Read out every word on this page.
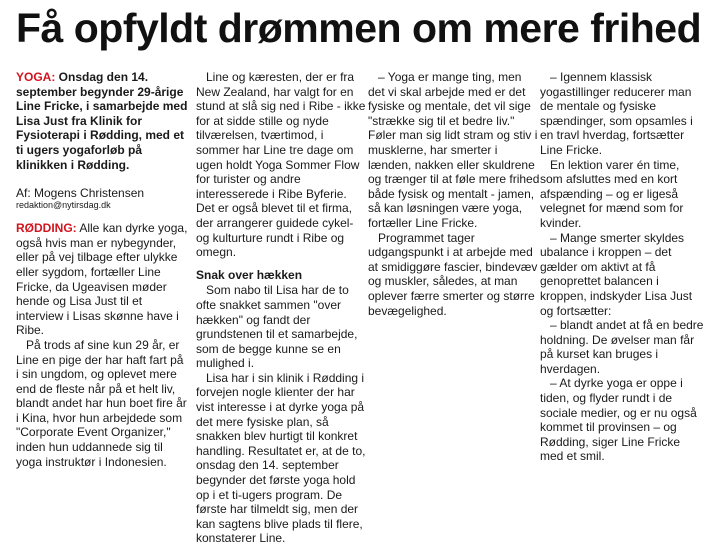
Få opfyldt drømmen om mere frihed

YOGA: Onsdag den 14. september begynder 29-årige Line Fricke, i samarbejde med Lisa Just fra Klinik for Fysioterapi i Rødding, med et ti ugers yogaforløb på klinikken i Rødding.

Af: Mogens Christensen

redaktion@nytirsdag.dk

RØDDING: Alle kan dyrke yoga, også hvis man er nybegynder, eller på vej tilbage efter ulykke eller sygdom, fortæller Line Fricke, da Ugeavisen møder hende og Lisa Just til et interview i Lisas skønne have i Ribe.

På trods af sine kun 29 år, er Line en pige der har haft fart på i sin ungdom, og oplevet mere end de fleste når på et helt liv, blandt andet har hun boet fire år i Kina, hvor hun arbejdede som "Corporate Event Organizer," inden hun uddannede sig til yoga instruktør i Indonesien.

Line og kæresten, der er fra New Zealand, har valgt for en stund at slå sig ned i Ribe - ikke for at sidde stille og nyde tilværelsen, tværtimod, i sommer har Line tre dage om ugen holdt Yoga Sommer Flow for turister og andre interesserede i Ribe Byferie. Det er også blevet til et firma, der arrangerer guidede cykel- og kulturture rundt i Ribe og omegn.

Snak over hækken

Som nabo til Lisa har de to ofte snakket sammen "over hækken" og fandt der grundstenen til et samarbejde, som de begge kunne se en mulighed i.

Lisa har i sin klinik i Rødding i forvejen nogle klienter der har vist interesse i at dyrke yoga på det mere fysiske plan, så snakken blev hurtigt til konkret handling. Resultatet er, at de to, onsdag den 14. september begynder det første yoga hold op i et ti-ugers program. De første har tilmeldt sig, men der kan sagtens blive plads til flere, konstaterer Line.

– Yoga er mange ting, men det vi skal arbejde med er det fysiske og mentale, det vil sige "strække sig til et bedre liv." Føler man sig lidt stram og stiv i musklerne, har smerter i lænden, nakken eller skuldrene og trænger til at føle mere frihed både fysisk og mentalt - jamen, så kan løsningen være yoga, fortæller Line Fricke.

Programmet tager udgangspunkt i at arbejde med at smidiggøre fascier, bindevæv og muskler, således, at man oplever færre smerter og større bevægelighed.

– Igennem klassisk yogastillinger reducerer man de mentale og fysiske spændinger, som opsamles i en travl hverdag, fortsætter Line Fricke.

En lektion varer én time, som afsluttes med en kort afspænding – og er ligeså velegnet for mænd som for kvinder.

– Mange smerter skyldes ubalance i kroppen – det gælder om aktivt at få genoprettet balancen i kroppen, indskyder Lisa Just og fortsætter:

– blandt andet at få en bedre holdning. De øvelser man får på kurset kan bruges i hverdagen.

– At dyrke yoga er oppe i tiden, og flyder rundt i de sociale medier, og er nu også kommet til provinsen – og Rødding, siger Line Fricke med et smil.
